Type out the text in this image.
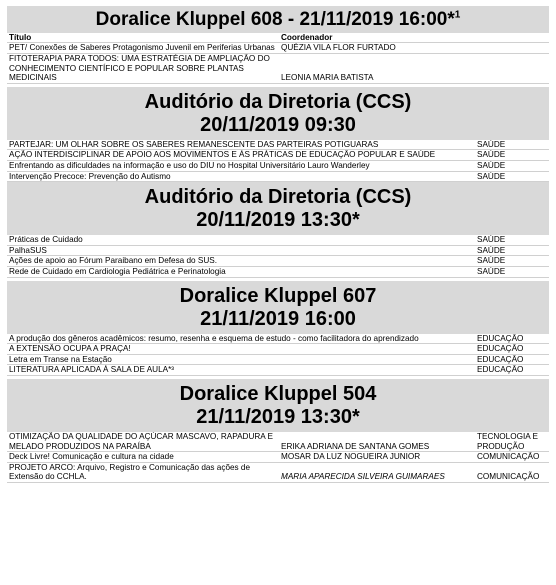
Doralice Kluppel 608 - 21/11/2019 16:00*$^1$
Título	Coordenador
PET/ Conexões de Saberes Protagonismo Juvenil em Periferias Urbanas	QUÉZIA VILA FLOR FURTADO
FITOTERAPIA PARA TODOS: UMA ESTRATÉGIA DE AMPLIAÇÃO DO CONHECIMENTO CIENTÍFICO E POPULAR SOBRE PLANTAS MEDICINAIS	LEONIA MARIA BATISTA
Auditório da Diretoria (CCS)
20/11/2019 09:30
PARTEJAR: UM OLHAR SOBRE OS SABERES REMANESCENTE DAS PARTEIRAS POTIGUARAS	SAÚDE
AÇÃO INTERDISCIPLINAR DE APOIO AOS MOVIMENTOS E ÀS PRÁTICAS DE EDUCAÇÃO POPULAR E SAÚDE	SAÚDE
Enfrentando as dificuldades na informação e uso do DIU no Hospital Universitário Lauro Wanderley	SAÚDE
Intervenção Precoce: Prevenção do Autismo	SAÚDE
Auditório da Diretoria (CCS)
20/11/2019 13:30*
Práticas de Cuidado	SAÚDE
PalhaSUS	SAÚDE
Ações de apoio ao Fórum Paraibano em Defesa do SUS.	SAÚDE
Rede de Cuidado em Cardiologia Pediátrica e Perinatologia	SAÚDE
Doralice Kluppel 607
21/11/2019 16:00
A produção dos gêneros acadêmicos: resumo, resenha e esquema de estudo - como facilitadora do aprendizado	EDUCAÇÃO
A EXTENSÃO OCUPA A PRAÇA!	EDUCAÇÃO
Letra em Transe na Estação	EDUCAÇÃO
LITERATURA APLICADA À SALA DE AULA*³	EDUCAÇÃO
Doralice Kluppel 504
21/11/2019 13:30*
OTIMIZAÇÃO DA QUALIDADE DO AÇÚCAR MASCAVO, RAPADURA E MELADO PRODUZIDOS NA PARAÍBA	ERIKA ADRIANA DE SANTANA GOMES	TECNOLOGIA E PRODUÇÃO
Deck Livre! Comunicação e cultura na cidade	MOSAR DA LUZ NOGUEIRA JUNIOR	COMUNICAÇÃO
PROJETO ARCO: Arquivo, Registro e Comunicação das ações de Extensão do CCHLA.	MARIA APARECIDA SILVEIRA GUIMARAES	COMUNICAÇÃO
